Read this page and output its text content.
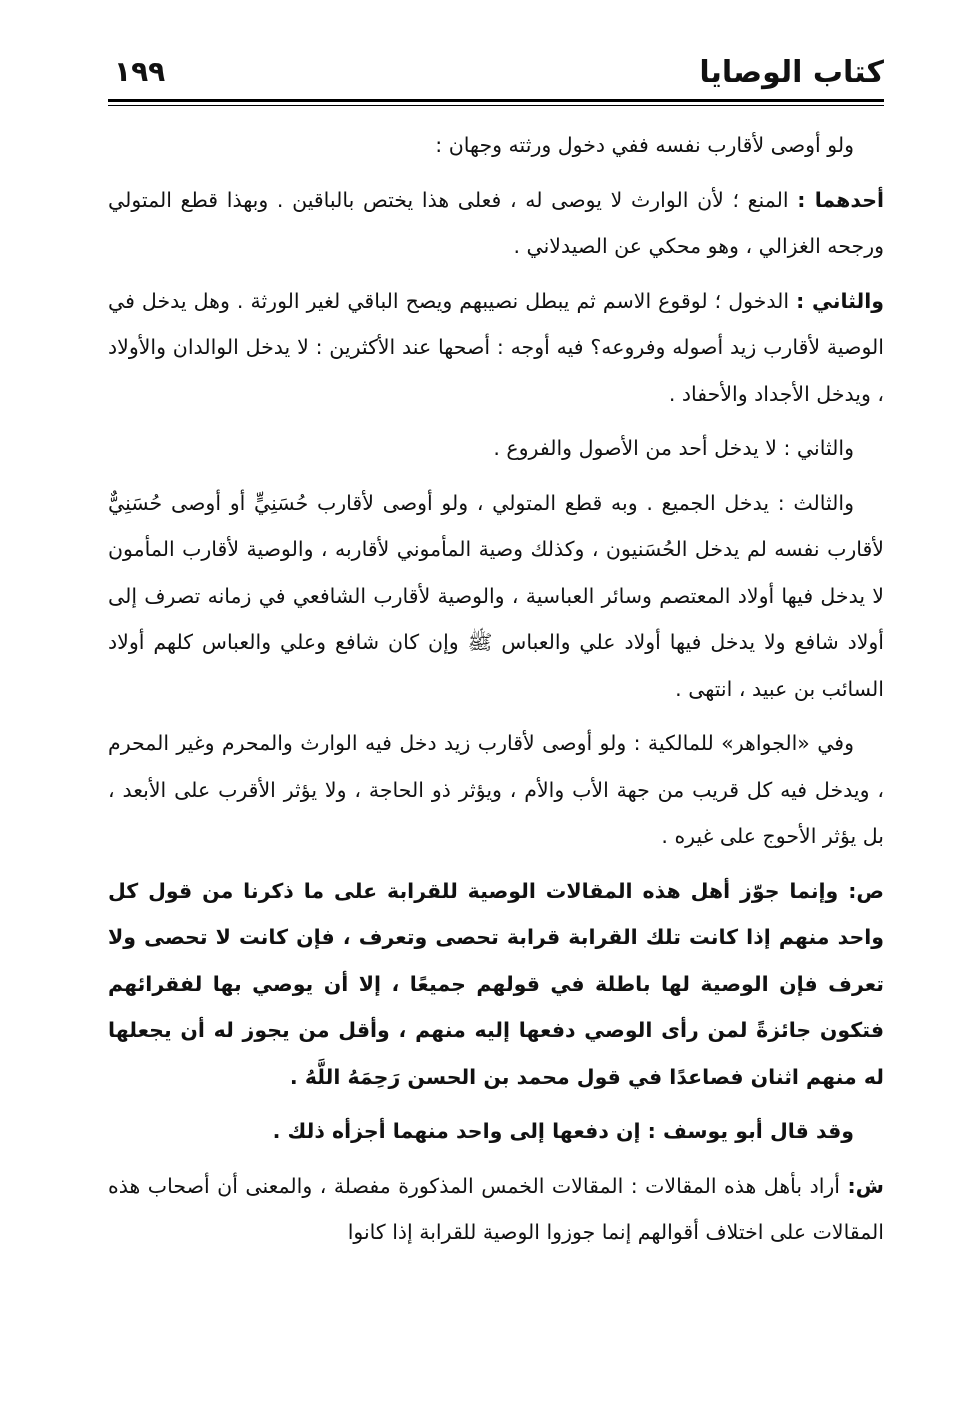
كتاب الوصايا
١٩٩

ولو أوصى لأقارب نفسه ففي دخول ورثته وجهان :

أحدهما : المنع ؛ لأن الوارث لا يوصى له ، فعلى هذا يختص بالباقين . وبهذا قطع المتولي ورجحه الغزالي ، وهو محكي عن الصيدلاني .

والثاني : الدخول ؛ لوقوع الاسم ثم يبطل نصيبهم ويصح الباقي لغير الورثة . وهل يدخل في الوصية لأقارب زيد أصوله وفروعه؟ فيه أوجه : أصحها عند الأكثرين : لا يدخل الوالدان والأولاد ، ويدخل الأجداد والأحفاد .

والثاني : لا يدخل أحد من الأصول والفروع .

والثالث : يدخل الجميع . وبه قطع المتولي ، ولو أوصى لأقارب حُسَنِيٍّ أو أوصى حُسَنِيٌّ لأقارب نفسه لم يدخل الحُسَنيون ، وكذلك وصية المأموني لأقاربه ، والوصية لأقارب المأمون لا يدخل فيها أولاد المعتصم وسائر العباسية ، والوصية لأقارب الشافعي في زمانه تصرف إلى أولاد شافع ولا يدخل فيها أولاد علي والعباس ﷺ وإن كان شافع وعلي والعباس كلهم أولاد السائب بن عبيد ، انتهى .

وفي «الجواهر» للمالكية : ولو أوصى لأقارب زيد دخل فيه الوارث والمحرم وغير المحرم ، ويدخل فيه كل قريب من جهة الأب والأم ، ويؤثر ذو الحاجة ، ولا يؤثر الأقرب على الأبعد ، بل يؤثر الأحوج على غيره .

ص: وإنما جوّز أهل هذه المقالات الوصية للقرابة على ما ذكرنا من قول كل واحد منهم إذا كانت تلك القرابة قرابة تحصى وتعرف ، فإن كانت لا تحصى ولا تعرف فإن الوصية لها باطلة في قولهم جميعًا ، إلا أن يوصي بها لفقرائهم فتكون جائزةً لمن رأى الوصي دفعها إليه منهم ، وأقل من يجوز له أن يجعلها له منهم اثنان فصاعدًا في قول محمد بن الحسن رَحِمَهُ اللَّهُ .

وقد قال أبو يوسف : إن دفعها إلى واحد منهما أجزأه ذلك .

ش: أراد بأهل هذه المقالات : المقالات الخمس المذكورة مفصلة ، والمعنى أن أصحاب هذه المقالات على اختلاف أقوالهم إنما جوزوا الوصية للقرابة إذا كانوا
